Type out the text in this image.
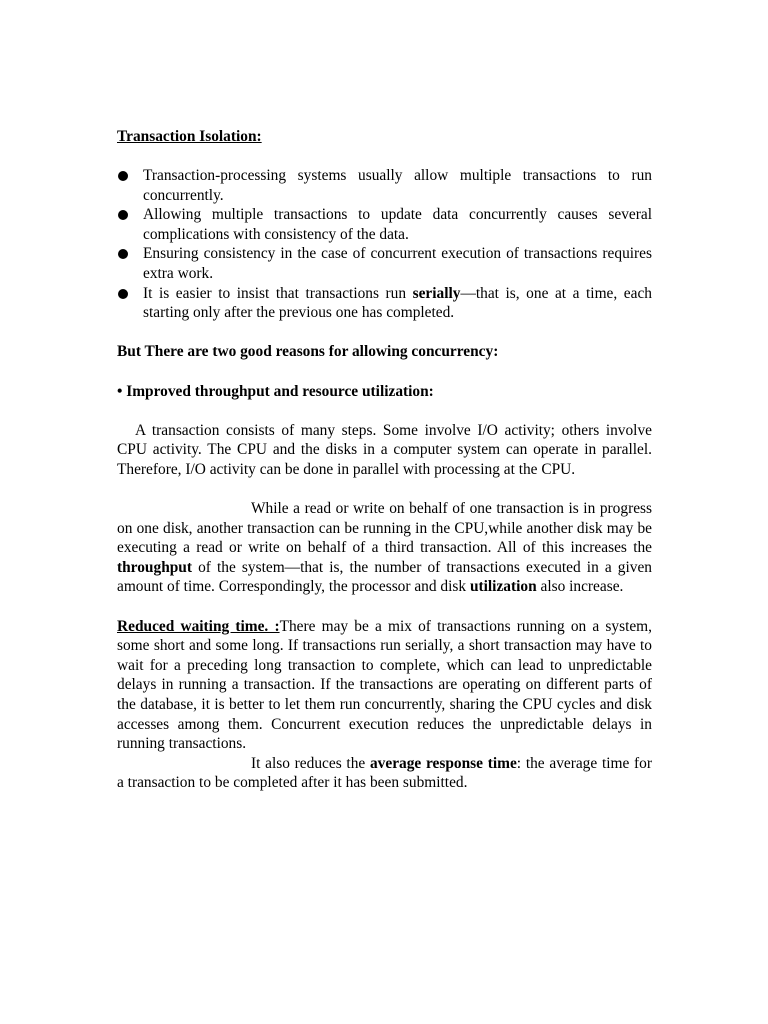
Transaction Isolation:

Transaction-processing systems usually allow multiple transactions to run concurrently.
Allowing multiple transactions to update data concurrently causes several complications with consistency of the data.
Ensuring consistency in the case of concurrent execution of transactions requires extra work.
It is easier to insist that transactions run serially—that is, one at a time, each starting only after the previous one has completed.

But There are two good reasons for allowing concurrency:

• Improved throughput and resource utilization:

A transaction consists of many steps. Some involve I/O activity; others involve CPU activity. The CPU and the disks in a computer system can operate in parallel. Therefore, I/O activity can be done in parallel with processing at the CPU.

While a read or write on behalf of one transaction is in progress on one disk, another transaction can be running in the CPU,while another disk may be executing a read or write on behalf of a third transaction. All of this increases the throughput of the system—that is, the number of transactions executed in a given amount of time. Correspondingly, the processor and disk utilization also increase.

Reduced waiting time. :There may be a mix of transactions running on a system, some short and some long. If transactions run serially, a short transaction may have to wait for a preceding long transaction to complete, which can lead to unpredictable delays in running a transaction. If the transactions are operating on different parts of the database, it is better to let them run concurrently, sharing the CPU cycles and disk accesses among them. Concurrent execution reduces the unpredictable delays in running transactions.

It also reduces the average response time: the average time for a transaction to be completed after it has been submitted.
